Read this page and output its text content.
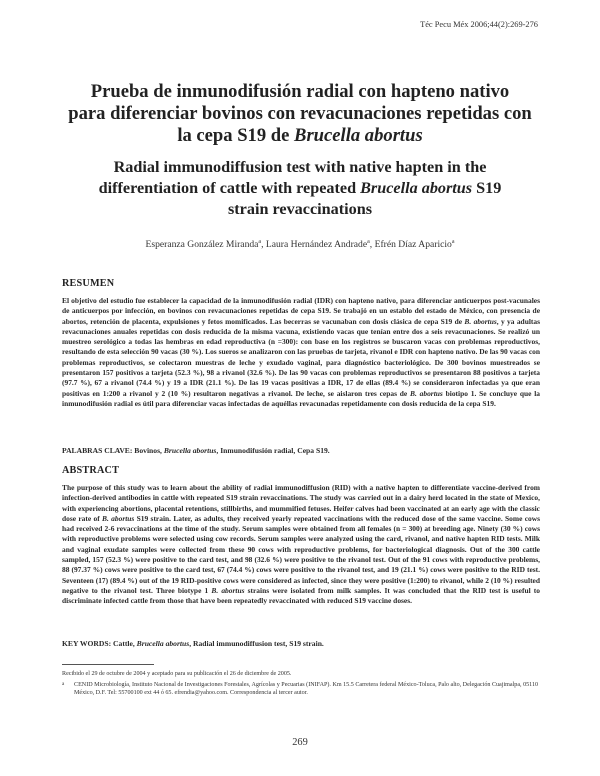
Téc Pecu Méx 2006;44(2):269-276
Prueba de inmunodifusión radial con hapteno nativo
para diferenciar bovinos con revacunaciones repetidas con
la cepa S19 de Brucella abortus
Radial immunodiffusion test with native hapten in the
differentiation of cattle with repeated Brucella abortus S19
strain revaccinations
Esperanza González Miranda$^a$, Laura Hernández Andrade$^a$, Efrén Díaz Aparicio$^a$
RESUMEN
El objetivo del estudio fue establecer la capacidad de la inmunodifusión radial (IDR) con hapteno nativo, para diferenciar anticuerpos post-vacunales de anticuerpos por infección, en bovinos con revacunaciones repetidas de cepa S19. Se trabajó en un establo del estado de México, con presencia de abortos, retención de placenta, expulsiones y fetos momificados. Las becerras se vacunaban con dosis clásica de cepa S19 de B. abortus, y ya adultas revacunaciones anuales repetidas con dosis reducida de la misma vacuna, existiendo vacas que tenían entre dos a seis revacunaciones. Se realizó un muestreo serológico a todas las hembras en edad reproductiva (n =300): con base en los registros se buscaron vacas con problemas reproductivos, resultando de esta selección 90 vacas (30 %). Los sueros se analizaron con las pruebas de tarjeta, rivanol e IDR con hapteno nativo. De las 90 vacas con problemas reproductivos, se colectaron muestras de leche y exudado vaginal, para diagnóstico bacteriológico. De 300 bovinos muestreados se presentaron 157 positivos a tarjeta (52.3 %), 98 a rivanol (32.6 %). De las 90 vacas con problemas reproductivos se presentaron 88 positivos a tarjeta (97.7 %), 67 a rivanol (74.4 %) y 19 a IDR (21.1 %). De las 19 vacas positivas a IDR, 17 de ellas (89.4 %) se consideraron infectadas ya que eran positivas en 1:200 a rivanol y 2 (10 %) resultaron negativas a rivanol. De leche, se aislaron tres cepas de B. abortus biotipo 1. Se concluye que la inmunodifusión radial es útil para diferenciar vacas infectadas de aquéllas revacunadas repetidamente con dosis reducida de la cepa S19.
PALABRAS CLAVE: Bovinos, Brucella abortus, Inmunodifusión radial, Cepa S19.
ABSTRACT
The purpose of this study was to learn about the ability of radial immunodiffusion (RID) with a native hapten to differentiate vaccine-derived from infection-derived antibodies in cattle with repeated S19 strain revaccinations. The study was carried out in a dairy herd located in the state of Mexico, with experiencing abortions, placental retentions, stillbirths, and mummified fetuses. Heifer calves had been vaccinated at an early age with the classic dose rate of B. abortus S19 strain. Later, as adults, they received yearly repeated vaccinations with the reduced dose of the same vaccine. Some cows had received 2-6 revaccinations at the time of the study. Serum samples were obtained from all females (n = 300) at breeding age. Ninety (30 %) cows with reproductive problems were selected using cow records. Serum samples were analyzed using the card, rivanol, and native hapten RID tests. Milk and vaginal exudate samples were collected from these 90 cows with reproductive problems, for bacteriological diagnosis. Out of the 300 cattle sampled, 157 (52.3 %) were positive to the card test, and 98 (32.6 %) were positive to the rivanol test. Out of the 91 cows with reproductive problems, 88 (97.37 %) cows were positive to the card test, 67 (74.4 %) cows were positive to the rivanol test, and 19 (21.1 %) cows were positive to the RID test. Seventeen (17) (89.4 %) out of the 19 RID-positive cows were considered as infected, since they were positive (1:200) to rivanol, while 2 (10 %) resulted negative to the rivanol test. Three biotype 1 B. abortus strains were isolated from milk samples. It was concluded that the RID test is useful to discriminate infected cattle from those that have been repeatedly revaccinated with reduced S19 vaccine doses.
KEY WORDS: Cattle, Brucella abortus, Radial immunodiffusion test, S19 strain.
Recibido el 29 de octubre de 2004 y aceptado para su publicación el 26 de diciembre de 2005.
a	CENID Microbiología, Instituto Nacional de Investigaciones Forestales, Agrícolas y Pecuarias (INIFAP). Km 15.5 Carretera federal México-Toluca, Palo alto, Delegación Cuajimalpa, 05110 México, D.F. Tel: 55700100 ext 44 ó 65. efrendia@yahoo.com. Correspondencia al tercer autor.
269
